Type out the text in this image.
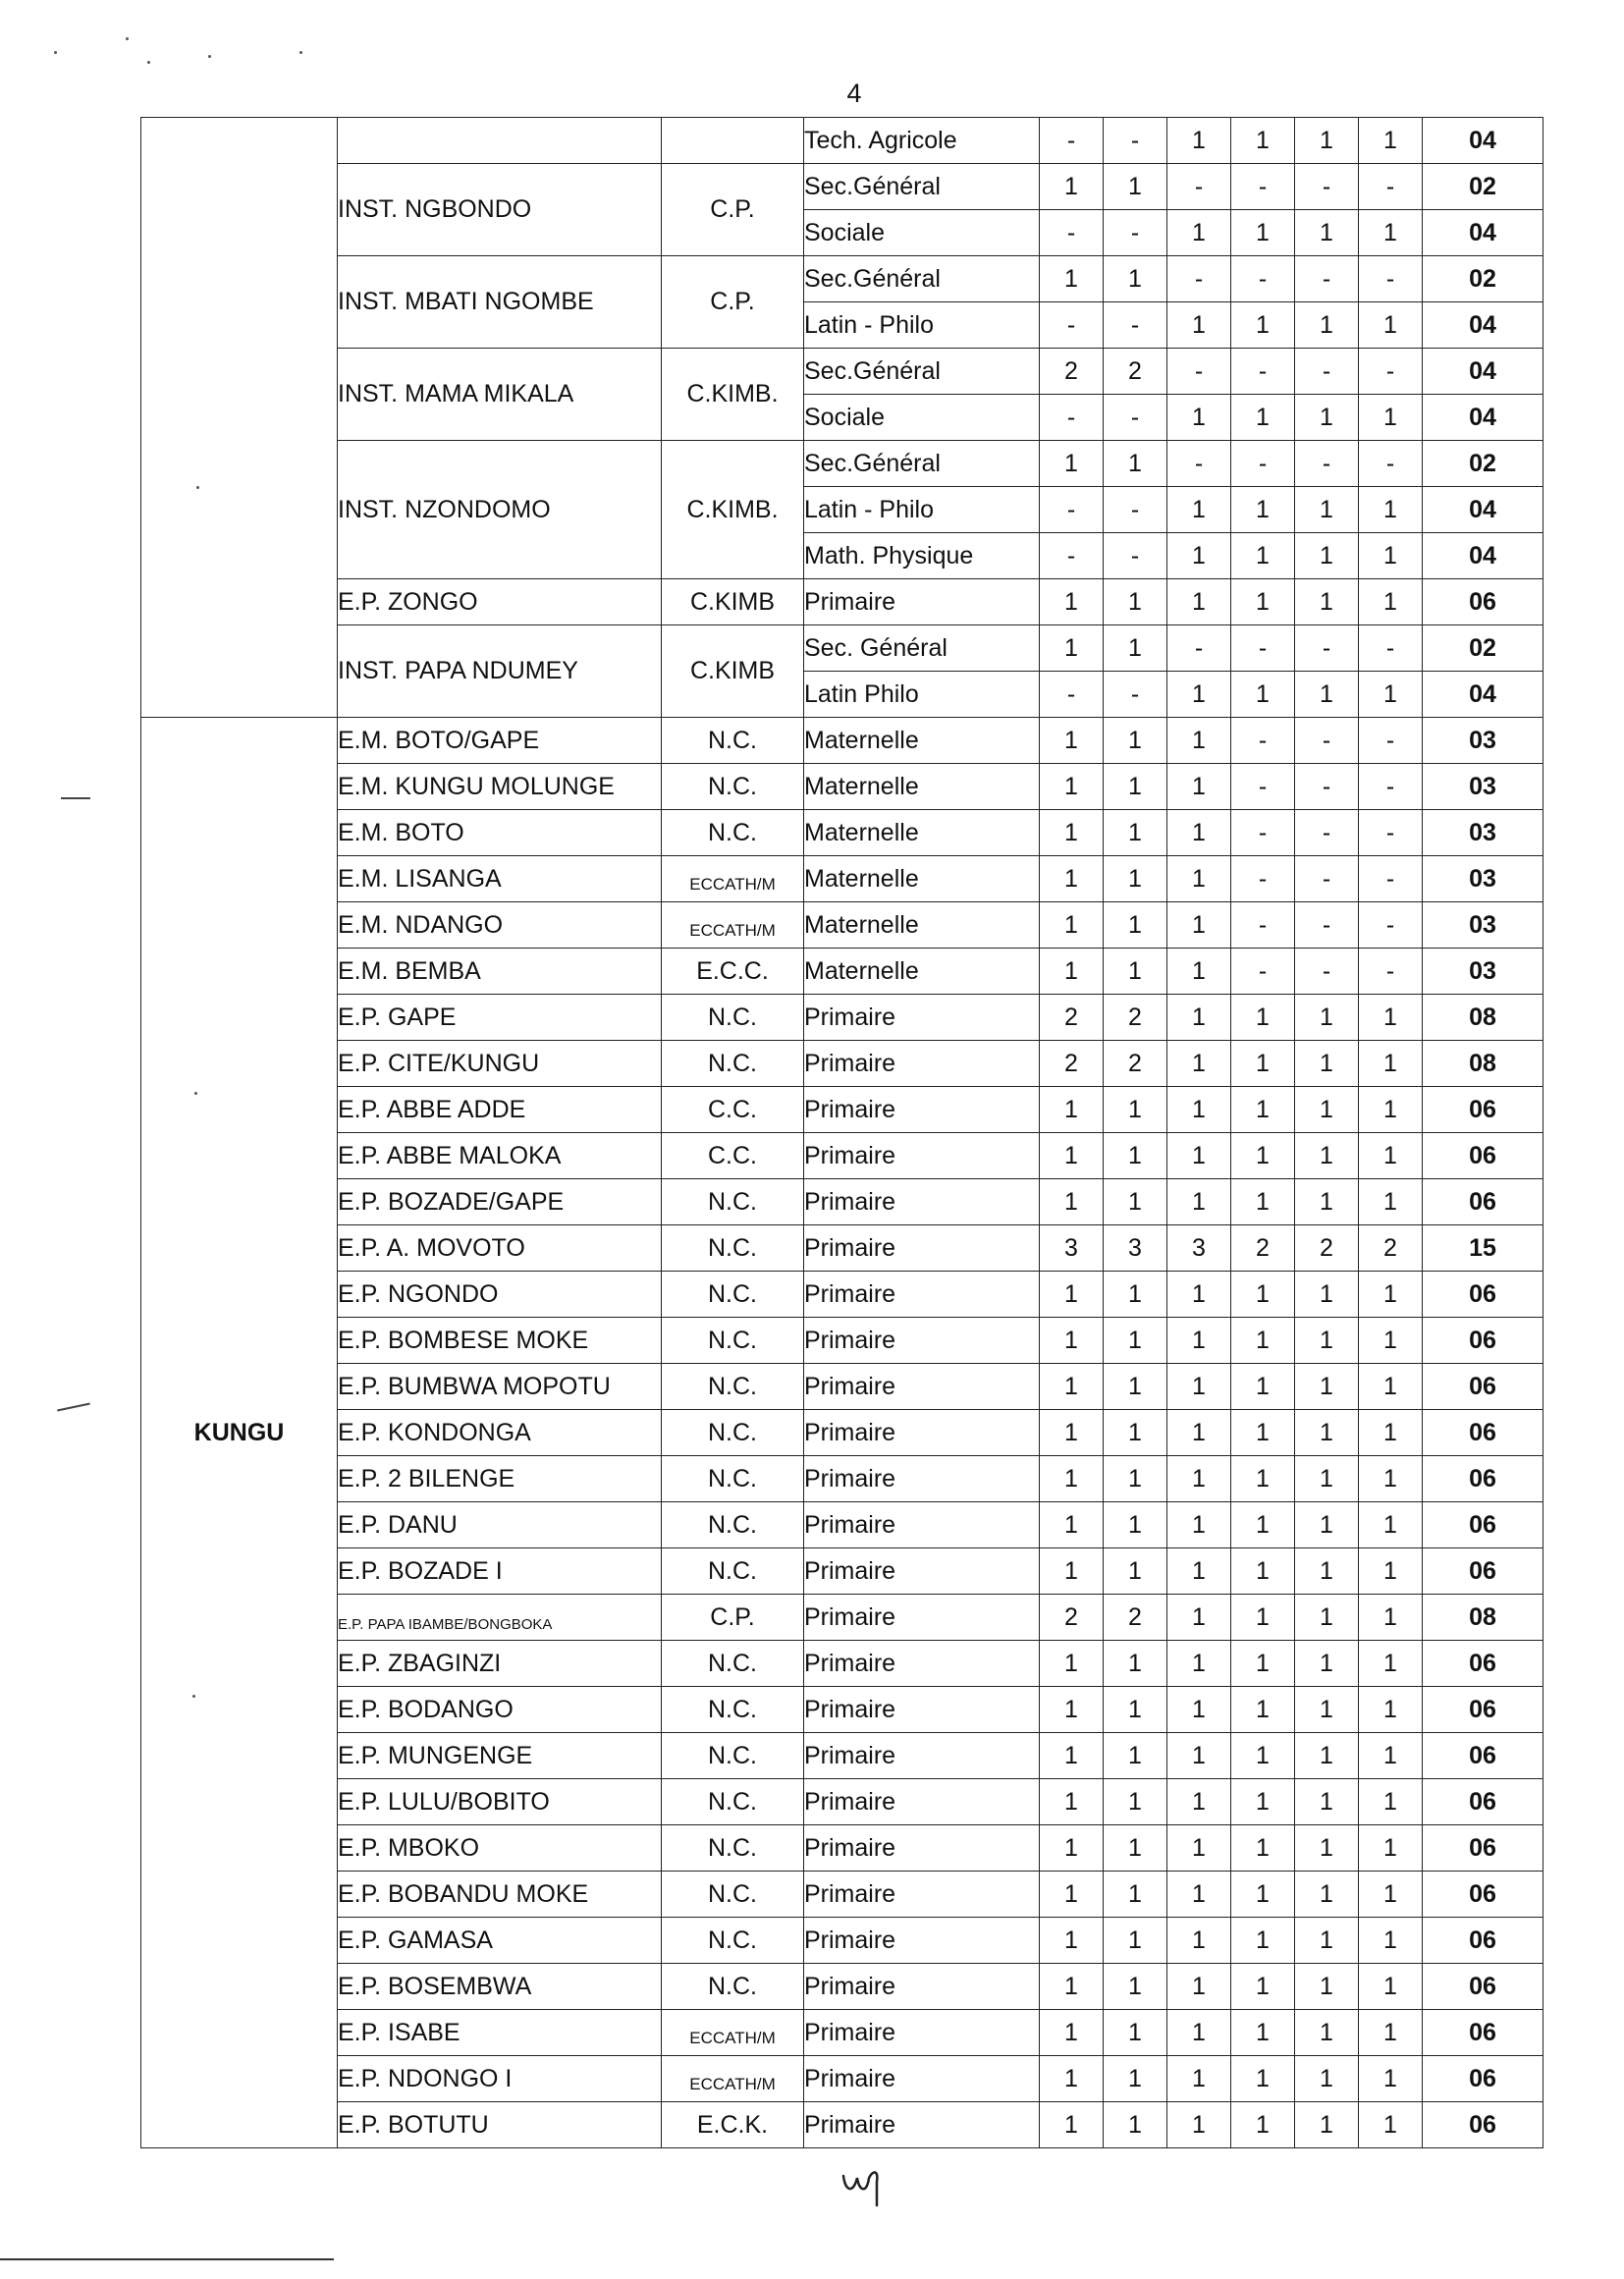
4
			Tech. Agricole	-	-	1	1	1	1	04
	INST. NGBONDO	C.P.	Sec.Général	1	1	-	-	-	-	02
			Sociale	-	-	1	1	1	1	04
	INST. MBATI NGOMBE	C.P.	Sec.Général	1	1	-	-	-	-	02
			Latin - Philo	-	-	1	1	1	1	04
	INST. MAMA MIKALA	C.KIMB.	Sec.Général	2	2	-	-	-	-	04
			Sociale	-	-	1	1	1	1	04
	INST. NZONDOMO	C.KIMB.	Sec.Général	1	1	-	-	-	-	02
			Latin - Philo	-	-	1	1	1	1	04
			Math. Physique	-	-	1	1	1	1	04
	E.P. ZONGO	C.KIMB	Primaire	1	1	1	1	1	1	06
	INST. PAPA NDUMEY	C.KIMB	Sec. Général	1	1	-	-	-	-	02
			Latin Philo	-	-	1	1	1	1	04
KUNGU	E.M. BOTO/GAPE	N.C.	Maternelle	1	1	1	-	-	-	03
	E.M. KUNGU MOLUNGE	N.C.	Maternelle	1	1	1	-	-	-	03
	E.M. BOTO	N.C.	Maternelle	1	1	1	-	-	-	03
	E.M. LISANGA	ECCATH/M	Maternelle	1	1	1	-	-	-	03
	E.M. NDANGO	ECCATH/M	Maternelle	1	1	1	-	-	-	03
	E.M. BEMBA	E.C.C.	Maternelle	1	1	1	-	-	-	03
	E.P. GAPE	N.C.	Primaire	2	2	1	1	1	1	08
	E.P. CITE/KUNGU	N.C.	Primaire	2	2	1	1	1	1	08
	E.P. ABBE ADDE	C.C.	Primaire	1	1	1	1	1	1	06
	E.P. ABBE MALOKA	C.C.	Primaire	1	1	1	1	1	1	06
	E.P. BOZADE/GAPE	N.C.	Primaire	1	1	1	1	1	1	06
	E.P. A. MOVOTO	N.C.	Primaire	3	3	3	2	2	2	15
	E.P. NGONDO	N.C.	Primaire	1	1	1	1	1	1	06
	E.P. BOMBESE MOKE	N.C.	Primaire	1	1	1	1	1	1	06
	E.P. BUMBWA MOPOTU	N.C.	Primaire	1	1	1	1	1	1	06
	E.P. KONDONGA	N.C.	Primaire	1	1	1	1	1	1	06
	E.P. 2 BILENGE	N.C.	Primaire	1	1	1	1	1	1	06
	E.P. DANU	N.C.	Primaire	1	1	1	1	1	1	06
	E.P. BOZADE I	N.C.	Primaire	1	1	1	1	1	1	06
	E.P. PAPA IBAMBE/BONGBOKA	C.P.	Primaire	2	2	1	1	1	1	08
	E.P. ZBAGINZI	N.C.	Primaire	1	1	1	1	1	1	06
	E.P. BODANGO	N.C.	Primaire	1	1	1	1	1	1	06
	E.P. MUNGENGE	N.C.	Primaire	1	1	1	1	1	1	06
	E.P. LULU/BOBITO	N.C.	Primaire	1	1	1	1	1	1	06
	E.P. MBOKO	N.C.	Primaire	1	1	1	1	1	1	06
	E.P. BOBANDU MOKE	N.C.	Primaire	1	1	1	1	1	1	06
	E.P. GAMASA	N.C.	Primaire	1	1	1	1	1	1	06
	E.P. BOSEMBWA	N.C.	Primaire	1	1	1	1	1	1	06
	E.P. ISABE	ECCATH/M	Primaire	1	1	1	1	1	1	06
	E.P. NDONGO I	ECCATH/M	Primaire	1	1	1	1	1	1	06
	E.P. BOTUTU	E.C.K.	Primaire	1	1	1	1	1	1	06
